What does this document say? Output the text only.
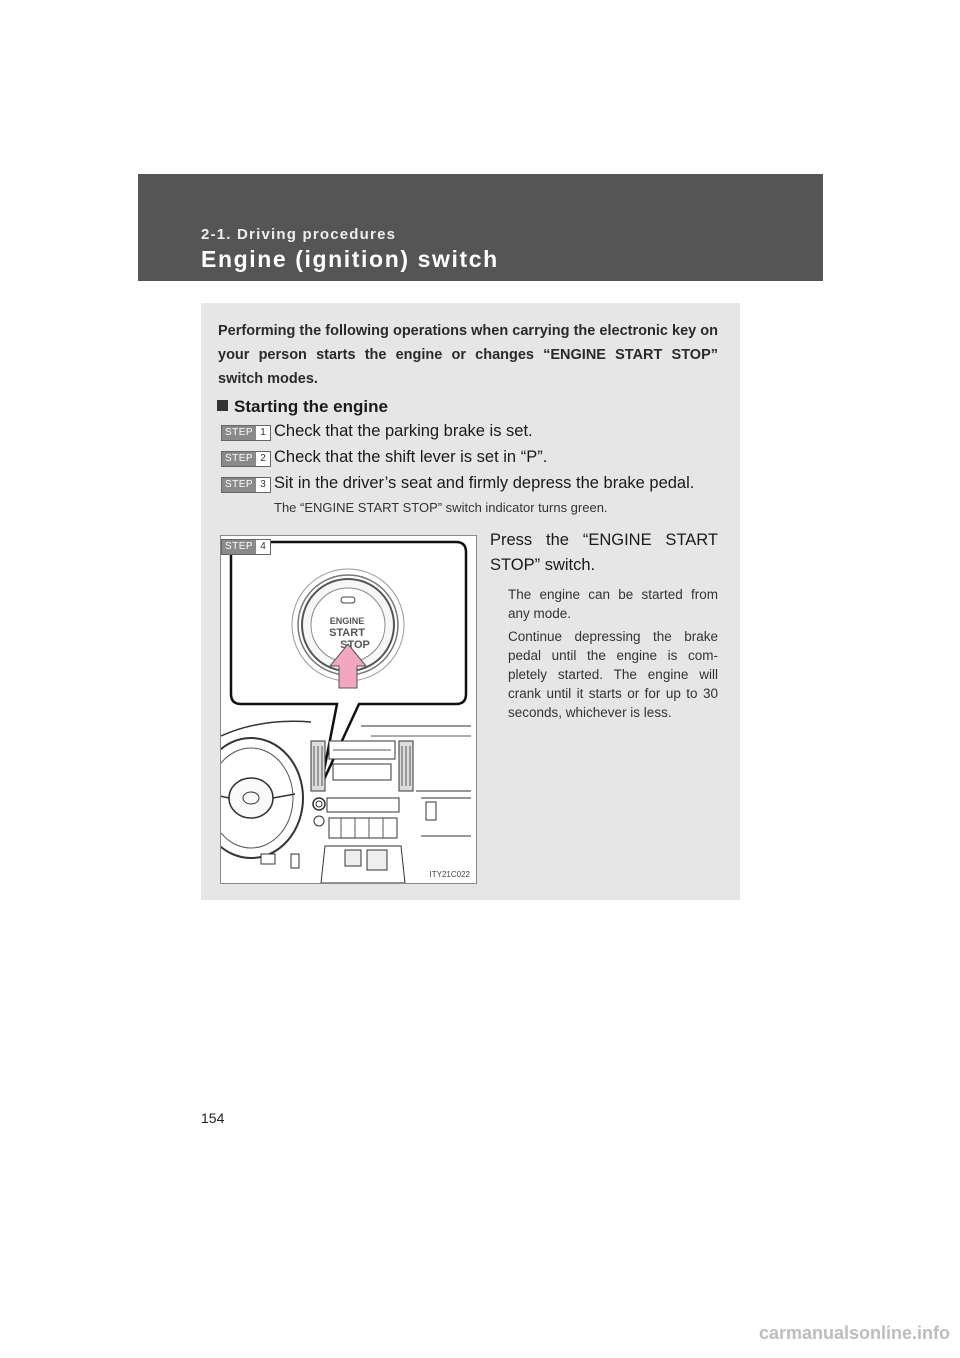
2-1. Driving procedures
Engine (ignition) switch
Performing the following operations when carrying the electronic key on your person starts the engine or changes “ENGINE START STOP” switch modes.
Starting the engine
STEP 1 Check that the parking brake is set.
STEP 2 Check that the shift lever is set in “P”.
STEP 3 Sit in the driver’s seat and firmly depress the brake pedal.
The “ENGINE START STOP” switch indicator turns green.
ENGINE
START
STOP
ITY21C022
STEP 4	Press the “ENGINE START STOP” switch.
The engine can be started from any mode.
Continue depressing the brake pedal until the engine is com-pletely started. The engine will crank until it starts or for up to 30 seconds, whichever is less.
154
carmanualsonline.info
